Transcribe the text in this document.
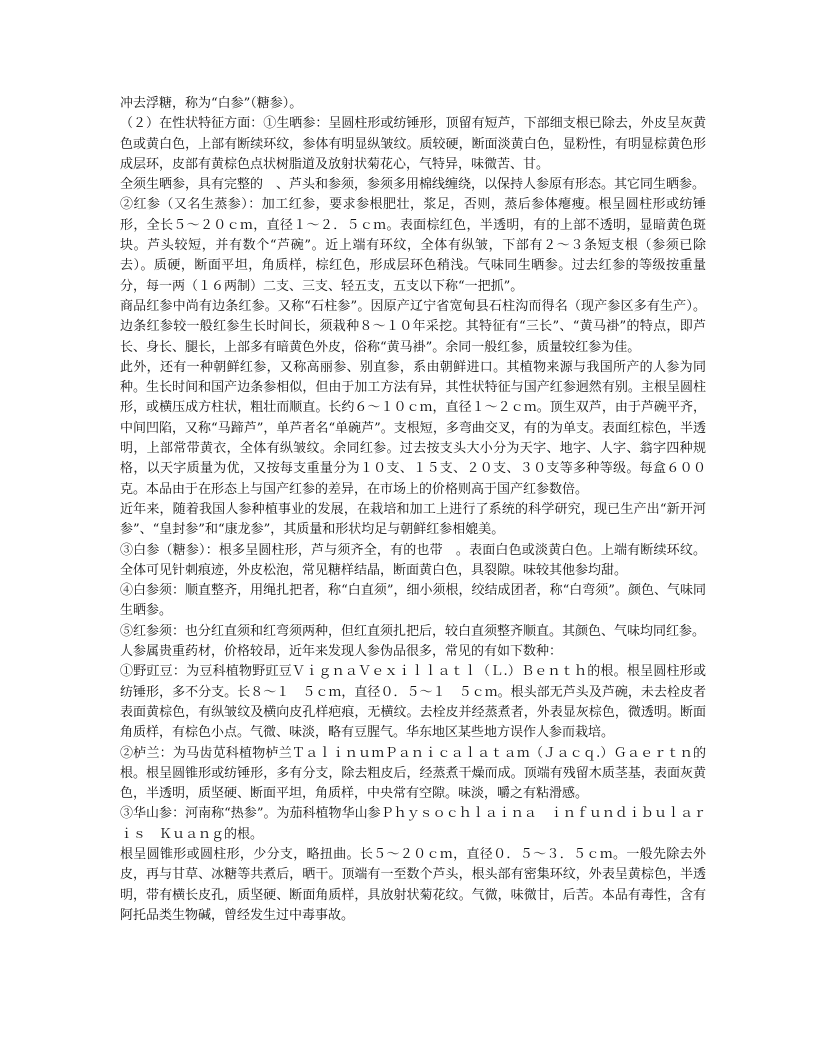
冲去浮糖，称为“白参”（糖参）。

（２）在性状特征方面：①生晒参：呈圆柱形或纺锤形，顶留有短芦，下部细支根已除去，外皮呈灰黄色或黄白色，上部有断续环纹，参体有明显纵皱纹。质较硬，断面淡黄白色，显粉性，有明显棕黄色形成层环，皮部有黄棕色点状树脂道及放射状菊花心，气特异，味微苦、甘。

全须生晒参，具有完整的　、芦头和参须，参须多用棉线缠绕，以保持人参原有形态。其它同生晒参。

②红参（又名生蒸参）：加工红参，要求参根肥壮，浆足，否则，蒸后参体瘪瘦。根呈圆柱形或纺锤形，全长５～２０ｃｍ，直径１～２．５ｃｍ。表面棕红色，半透明，有的上部不透明，显暗黄色斑块。芦头较短，并有数个“芦碗”。近上端有环纹，全体有纵皱，下部有２～３条短支根（参须已除去）。质硬，断面平坦，角质样，棕红色，形成层环色稍浅。气味同生晒参。过去红参的等级按重量分，每一两（１６两制）二支、三支、轻五支，五支以下称“一把抓”。

商品红参中尚有边条红参。又称“石柱参”。因原产辽宁省宽甸县石柱沟而得名（现产参区多有生产）。边条红参较一般红参生长时间长，须栽种８～１０年采挖。其特征有“三长”、“黄马褂”的特点，即芦长、身长、腿长，上部多有暗黄色外皮，俗称“黄马褂”。余同一般红参，质量较红参为佳。

此外，还有一种朝鲜红参，又称高丽参、别直参，系由朝鲜进口。其植物来源与我国所产的人参为同种。生长时间和国产边条参相似，但由于加工方法有异，其性状特征与国产红参迥然有别。主根呈圆柱形，或横压成方柱状，粗壮而顺直。长约６～１０ｃｍ，直径１～２ｃｍ。顶生双芦，由于芦碗平齐，中间凹陷，又称“马蹄芦”，单芦者名“单碗芦”。支根短，多弯曲交叉，有的为单支。表面红棕色，半透明，上部常带黄衣，全体有纵皱纹。余同红参。过去按支头大小分为天字、地字、人字、翁字四种规格，以天字质量为优，又按每支重量分为１０支、１５支、２０支、３０支等多种等级。每盒６００克。本品由于在形态上与国产红参的差异，在市场上的价格则高于国产红参数倍。

近年来，随着我国人参种植事业的发展，在栽培和加工上进行了系统的科学研究，现已生产出“新开河参”、“皇封参”和“康龙参”，其质量和形状均足与朝鲜红参相媲美。

③白参（糖参）：根多呈圆柱形，芦与须齐全，有的也带　。表面白色或淡黄白色。上端有断续环纹。全体可见针刺痕迹，外皮松泡，常见糖样结晶，断面黄白色，具裂隙。味较其他参均甜。

④白参须：顺直整齐，用绳扎把者，称“白直须”，细小须根，绞结成团者，称“白弯须”。颜色、气味同生晒参。

⑤红参须：也分红直须和红弯须两种，但红直须扎把后，较白直须整齐顺直。其颜色、气味均同红参。

人参属贵重药材，价格较昂，近年来发现人参伪品很多，常见的有如下数种：

①野豇豆：为豆科植物野豇豆ＶｉｇｎａＶｅｘｉｌｌａｔｌ（Ｌ.）Ｂｅｎｔｈ的根。根呈圆柱形或纺锤形，多不分支。长８～１　５ｃｍ，直径０．５～１　５ｃｍ。根头部无芦头及芦碗，未去栓皮者表面黄棕色，有纵皱纹及横向皮孔样疤痕，无横纹。去栓皮并经蒸煮者，外表显灰棕色，微透明。断面角质样，有棕色小点。气微、味淡，略有豆腥气。华东地区某些地方误作人参而栽培。

②栌兰：为马齿苋科植物栌兰ＴａｌｉｎｕｍＰａｎｉｃａｌａｔａｍ（Ｊａｃｑ.）Ｇａｅｒｔｎ的根。根呈圆锥形或纺锤形，多有分支，除去粗皮后，经蒸煮干燥而成。顶端有残留木质茎基，表面灰黄色，半透明，质坚硬、断面平坦，角质样，中央常有空隙。味淡，嚼之有粘滑感。

③华山参：河南称“热参”。为茄科植物华山参Ｐｈｙｓｏｃｈｌａｉｎａ　ｉｎｆｕｎｄｉｂｕｌａｒｉｓ　Ｋｕａｎｇ的根。

根呈圆锥形或圆柱形，少分支，略扭曲。长５～２０ｃｍ，直径０．５～３．５ｃｍ。一般先除去外皮，再与甘草、冰糖等共煮后，晒干。顶端有一至数个芦头，根头部有密集环纹，外表呈黄棕色，半透明，带有横长皮孔，质坚硬、断面角质样，具放射状菊花纹。气微，味微甘，后苦。本品有毒性，含有阿托品类生物碱，曾经发生过中毒事故。
